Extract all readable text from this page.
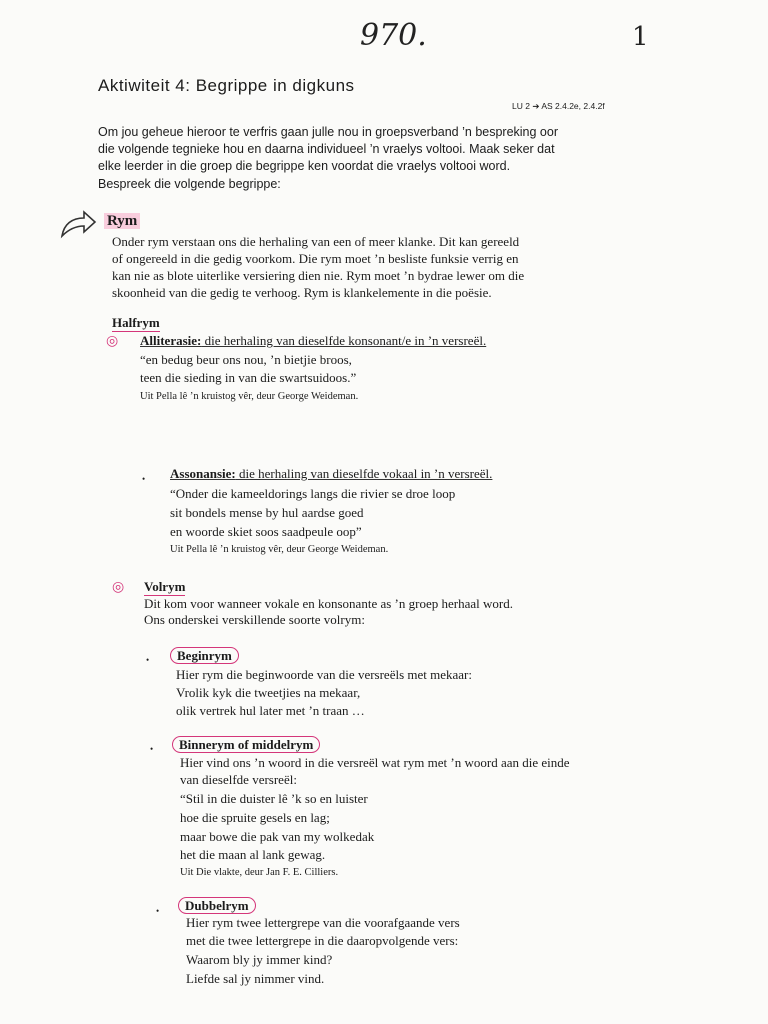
970.	1
Aktiwiteit 4: Begrippe in digkuns
LU 2 ➔ AS 2.4.2e, 2.4.2f
Om jou geheue hieroor te verfris gaan julle nou in groepsverband ’n bespreking oor
die volgende tegnieke hou en daarna individueel ’n vraelys voltooi. Maak seker dat
elke leerder in die groep die begrippe ken voordat die vraelys voltooi word.
Bespreek die volgende begrippe:
Rym
Onder rym verstaan ons die herhaling van een of meer klanke. Dit kan gereeld
of ongereeld in die gedig voorkom. Die rym moet ’n besliste funksie verrig en
kan nie as blote uiterlike versiering dien nie. Rym moet ’n bydrae lewer om die
skoonheid van die gedig te verhoog. Rym is klankelemente in die poësie.
Halfrym
◎ Alliterasie: die herhaling van dieselfde konsonant/e in ’n versreël.
“en bedug beur ons nou, ’n bietjie broos,
teen die sieding in van die swartsuidoos.”
Uit Pella lê ’n kruistog vêr, deur George Weideman.
• Assonansie: die herhaling van dieselfde vokaal in ’n versreël.
“Onder die kameeldorings langs die rivier se droe loop
sit bondels mense by hul aardse goed
en woorde skiet soos saadpeule oop”
Uit Pella lê ’n kruistog vêr, deur George Weideman.
◎ Volrym
Dit kom voor wanneer vokale en konsonante as ’n groep herhaal word.
Ons onderskei verskillende soorte volrym:
•	Beginrym
Hier rym die beginwoorde van die versreëls met mekaar:
Vrolik kyk die tweetjies na mekaar,
olik vertrek hul later met ’n traan …
•	Binnerym of middelrym
Hier vind ons ’n woord in die versreël wat rym met ’n woord aan die einde
van dieselfde versreël:
“Stil in die duister lê ’k so en luister
hoe die spruite gesels en lag;
maar bowe die pak van my wolkedak
het die maan al lank gewag.
Uit Die vlakte, deur Jan F. E. Cilliers.
•	Dubbelrym
Hier rym twee lettergrepe van die voorafgaande vers
met die twee lettergrepe in die daaropvolgende vers:
Waarom bly jy immer kind?
Liefde sal jy nimmer vind.
